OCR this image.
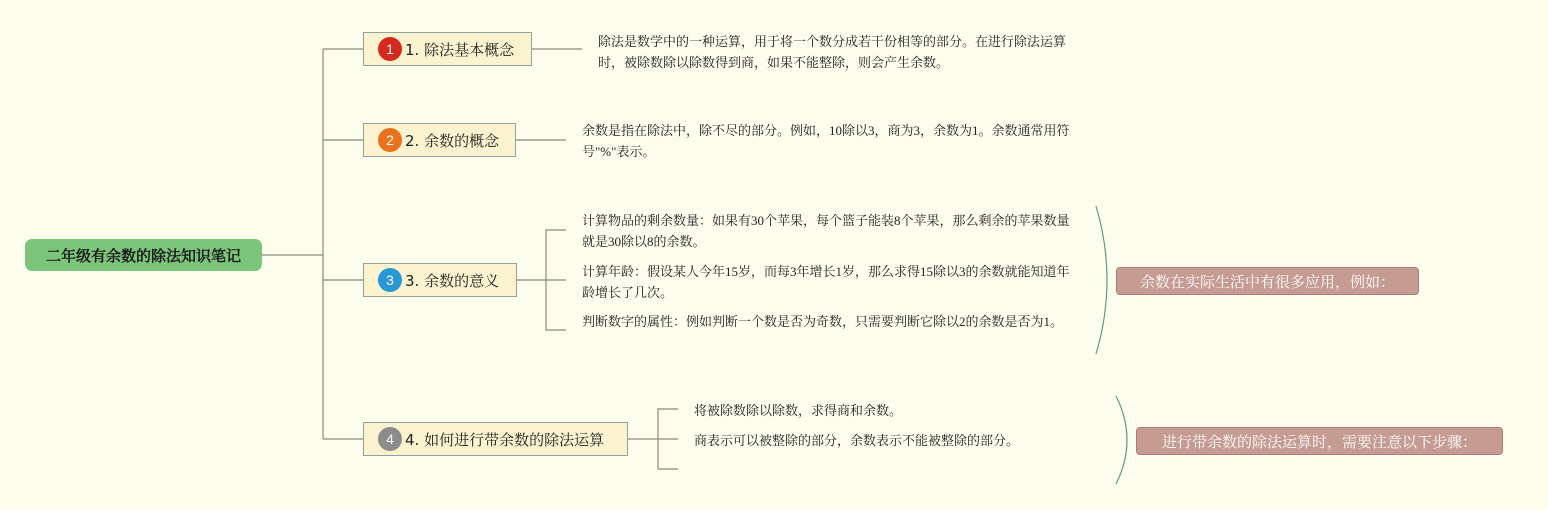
二年级有余数的除法知识笔记
1 1. 除法基本概念	除法是数学中的一种运算，用于将一个数分成若干份相等的部分。在进行除法运算时，被除数除以除数得到商，如果不能整除，则会产生余数。
2 2. 余数的概念
余数是指在除法中，除不尽的部分。例如，10除以3，商为3，余数为1。余数通常用符号"%"表示。
3 3. 余数的意义
计算物品的剩余数量：如果有30个苹果，每个篮子能装8个苹果，那么剩余的苹果数量就是30除以8的余数。
计算年龄：假设某人今年15岁，而每3年增长1岁，那么求得15除以3的余数就能知道年龄增长了几次。
判断数字的属性：例如判断一个数是否为奇数，只需要判断它除以2的余数是否为1。
余数在实际生活中有很多应用，例如：
4 4. 如何进行带余数的除法运算
将被除数除以除数，求得商和余数。
商表示可以被整除的部分，余数表示不能被整除的部分。	进行带余数的除法运算时，需要注意以下步骤：
